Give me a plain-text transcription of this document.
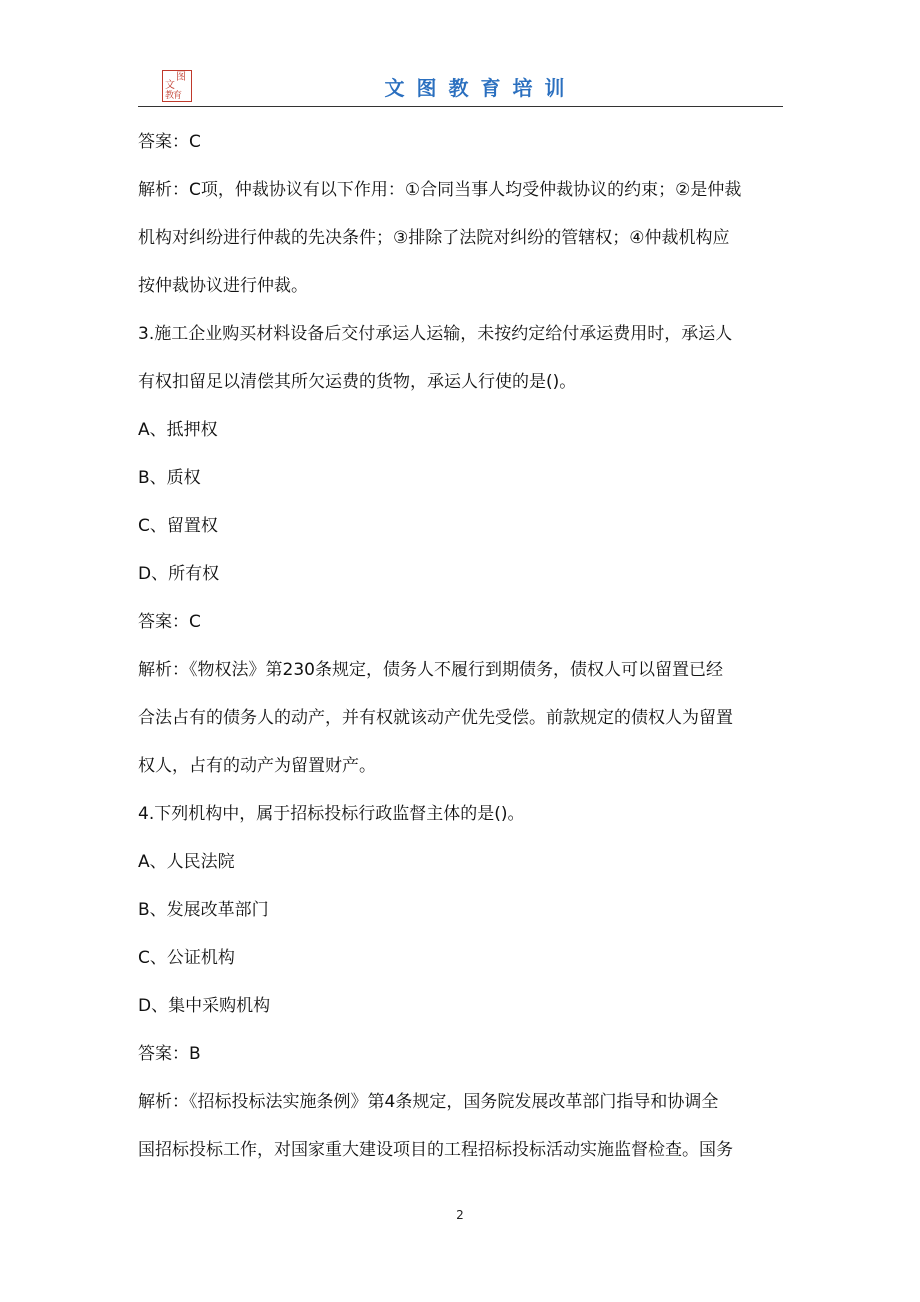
图
文
教育	文图教育培训

答案：C

解析：C项，仲裁协议有以下作用：①合同当事人均受仲裁协议的约束；②是仲裁

机构对纠纷进行仲裁的先决条件；③排除了法院对纠纷的管辖权；④仲裁机构应

按仲裁协议进行仲裁。

3.施工企业购买材料设备后交付承运人运输，未按约定给付承运费用时，承运人

有权扣留足以清偿其所欠运费的货物，承运人行使的是()。

A、抵押权

B、质权

C、留置权

D、所有权

答案：C

解析：《物权法》第230条规定，债务人不履行到期债务，债权人可以留置已经

合法占有的债务人的动产，并有权就该动产优先受偿。前款规定的债权人为留置

权人，占有的动产为留置财产。

4.下列机构中，属于招标投标行政监督主体的是()。

A、人民法院

B、发展改革部门

C、公证机构

D、集中采购机构

答案：B

解析：《招标投标法实施条例》第4条规定，国务院发展改革部门指导和协调全

国招标投标工作，对国家重大建设项目的工程招标投标活动实施监督检查。国务

2
